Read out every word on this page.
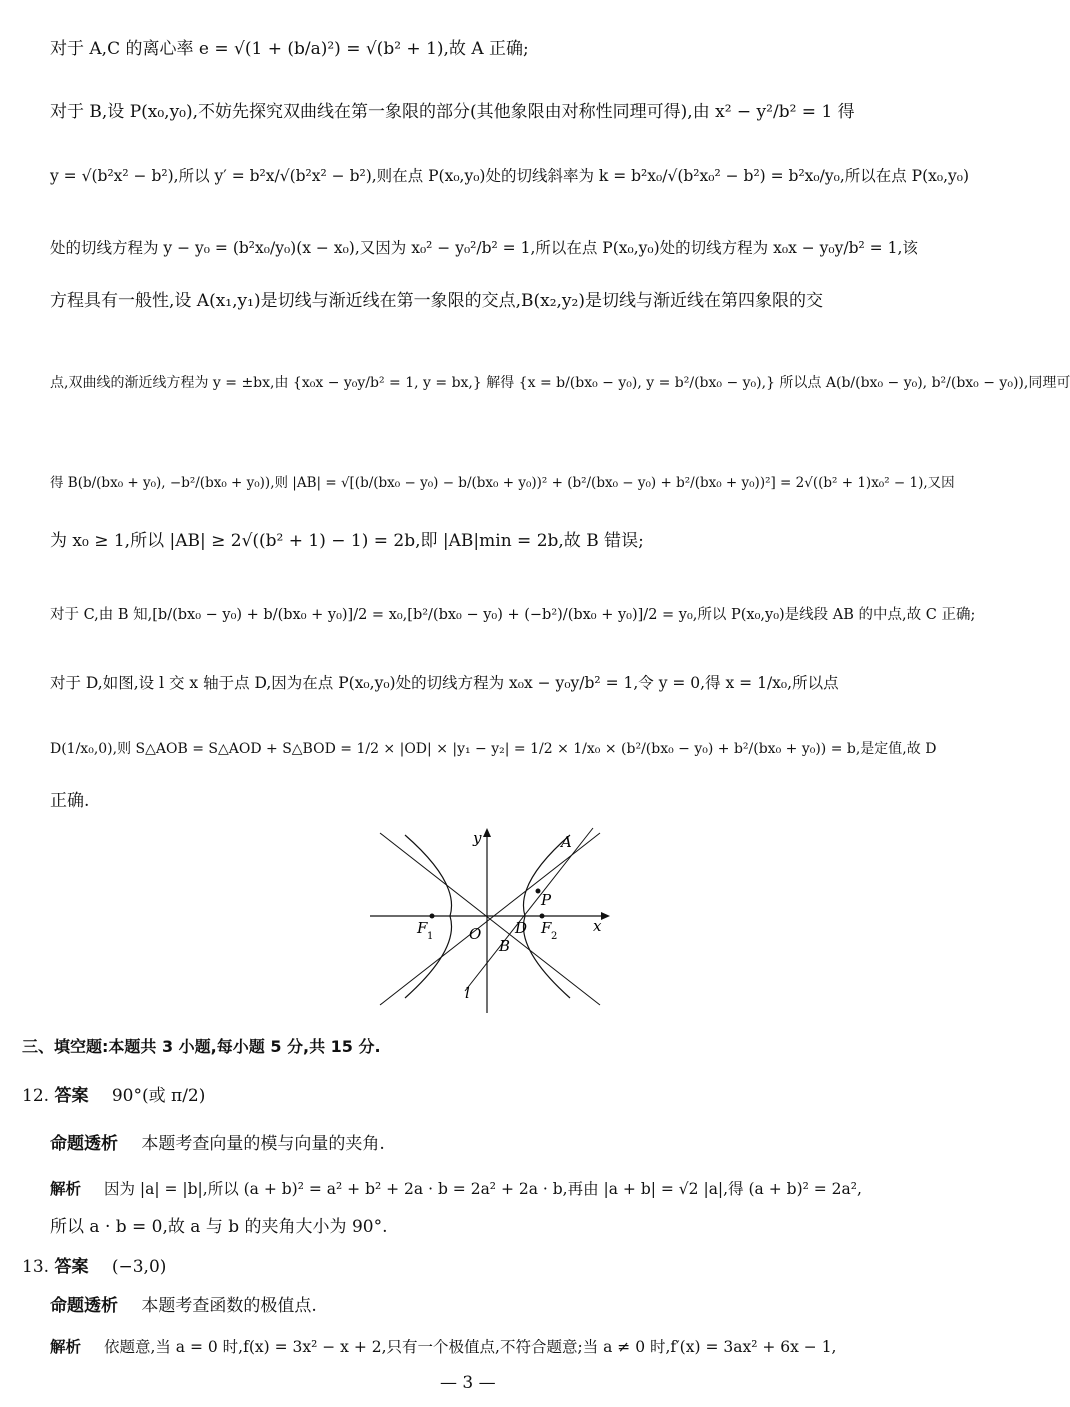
对于 A,C 的离心率 e = √(1 + (b/a)²) = √(b² + 1),故 A 正确;
对于 B,设 P(x₀,y₀),不妨先探究双曲线在第一象限的部分(其他象限由对称性同理可得),由 x² − y²/b² = 1 得
y = √(b²x² − b²),所以 y′ = b²x/√(b²x² − b²),则在点 P(x₀,y₀)处的切线斜率为 k = b²x₀/√(b²x₀² − b²) = b²x₀/y₀,所以在点 P(x₀,y₀)
处的切线方程为 y − y₀ = (b²x₀/y₀)(x − x₀),又因为 x₀² − y₀²/b² = 1,所以在点 P(x₀,y₀)处的切线方程为 x₀x − y₀y/b² = 1,该
方程具有一般性,设 A(x₁,y₁)是切线与渐近线在第一象限的交点,B(x₂,y₂)是切线与渐近线在第四象限的交
点,双曲线的渐近线方程为 y = ±bx,由 {x₀x − y₀y/b² = 1, y = bx,} 解得 {x = b/(bx₀ − y₀), y = b²/(bx₀ − y₀),} 所以点 A(b/(bx₀ − y₀), b²/(bx₀ − y₀)),同理可
得 B(b/(bx₀ + y₀), −b²/(bx₀ + y₀)),则 |AB| = √[(b/(bx₀ − y₀) − b/(bx₀ + y₀))² + (b²/(bx₀ − y₀) + b²/(bx₀ + y₀))²] = 2√((b² + 1)x₀² − 1),又因
为 x₀ ≥ 1,所以 |AB| ≥ 2√((b² + 1) − 1) = 2b,即 |AB|min = 2b,故 B 错误;
对于 C,由 B 知,[b/(bx₀ − y₀) + b/(bx₀ + y₀)]/2 = x₀,[b²/(bx₀ − y₀) + (−b²)/(bx₀ + y₀)]/2 = y₀,所以 P(x₀,y₀)是线段 AB 的中点,故 C 正确;
对于 D,如图,设 l 交 x 轴于点 D,因为在点 P(x₀,y₀)处的切线方程为 x₀x − y₀y/b² = 1,令 y = 0,得 x = 1/x₀,所以点
D(1/x₀,0),则 S△AOB = S△AOD + S△BOD = 1/2 × |OD| × |y₁ − y₂| = 1/2 × 1/x₀ × (b²/(bx₀ − y₀) + b²/(bx₀ + y₀)) = b,是定值,故 D
正确.
y
x
A
P
D
F 1	F 2
O
B
l
三、填空题:本题共 3 小题,每小题 5 分,共 15 分.
12. 答案 90°(或 π/2)
命题透析 本题考查向量的模与向量的夹角.
解析 因为 |a| = |b|,所以 (a + b)² = a² + b² + 2a · b = 2a² + 2a · b,再由 |a + b| = √2 |a|,得 (a + b)² = 2a²,
所以 a · b = 0,故 a 与 b 的夹角大小为 90°.
13. 答案 (−3,0)
命题透析 本题考查函数的极值点.
解析 依题意,当 a = 0 时,f(x) = 3x² − x + 2,只有一个极值点,不符合题意;当 a ≠ 0 时,f′(x) = 3ax² + 6x − 1,
— 3 —
